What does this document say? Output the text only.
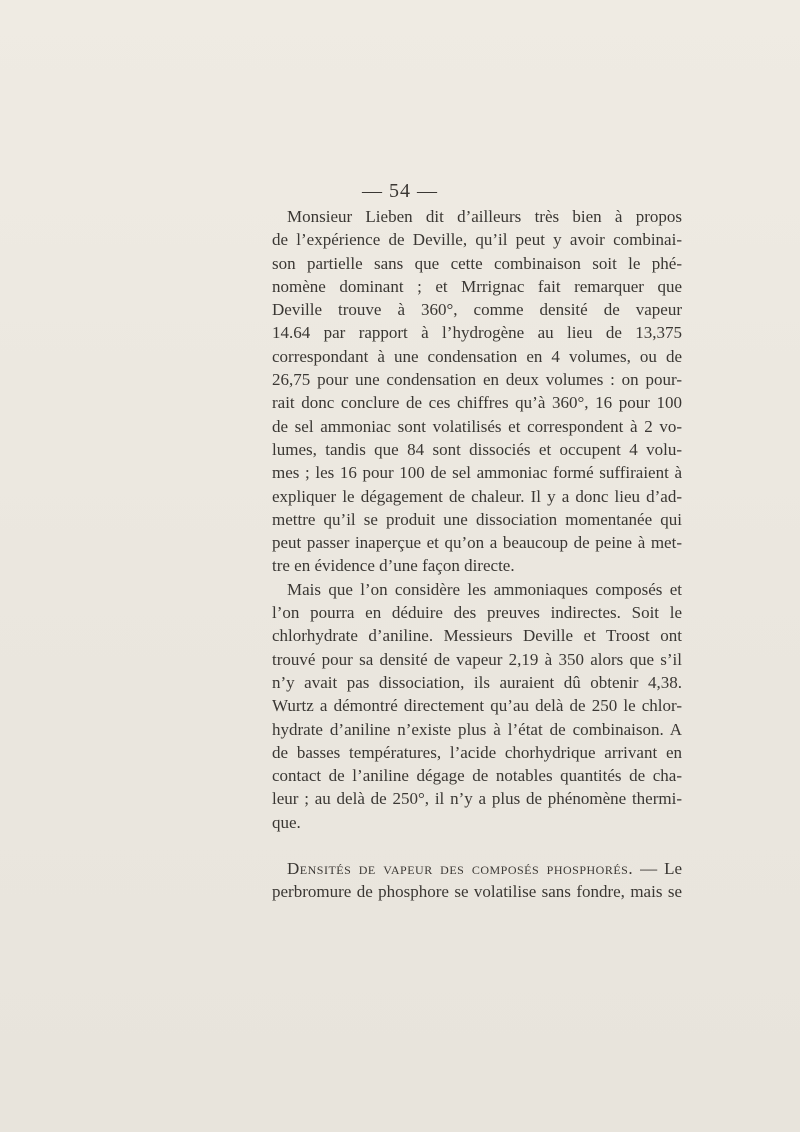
— 54 —
Monsieur Lieben dit d’ailleurs très bien à propos
de l’expérience de Deville, qu’il peut y avoir combinai-
son partielle sans que cette combinaison soit le phé-
nomène dominant ; et Mrrignac fait remarquer que
Deville trouve à 360°, comme densité de vapeur
14.64 par rapport à l’hydrogène au lieu de 13,375
correspondant à une condensation en 4 volumes, ou de
26,75 pour une condensation en deux volumes : on pour-
rait donc conclure de ces chiffres qu’à 360°, 16 pour 100
de sel ammoniac sont volatilisés et correspondent à 2 vo-
lumes, tandis que 84 sont dissociés et occupent 4 volu-
mes ; les 16 pour 100 de sel ammoniac formé suffiraient à
expliquer le dégagement de chaleur. Il y a donc lieu d’ad-
mettre qu’il se produit une dissociation momentanée qui
peut passer inaperçue et qu’on a beaucoup de peine à met-
tre en évidence d’une façon directe.
Mais que l’on considère les ammoniaques composés et
l’on pourra en déduire des preuves indirectes. Soit le
chlorhydrate d’aniline. Messieurs Deville et Troost ont
trouvé pour sa densité de vapeur 2,19 à 350 alors que s’il
n’y avait pas dissociation, ils auraient dû obtenir 4,38.
Wurtz a démontré directement qu’au delà de 250 le chlor-
hydrate d’aniline n’existe plus à l’état de combinaison. A
de basses températures, l’acide chorhydrique arrivant en
contact de l’aniline dégage de notables quantités de cha-
leur ; au delà de 250°, il n’y a plus de phénomène thermi-
que.
Densités de vapeur des composés phosphorés. — Le
perbromure de phosphore se volatilise sans fondre, mais se
